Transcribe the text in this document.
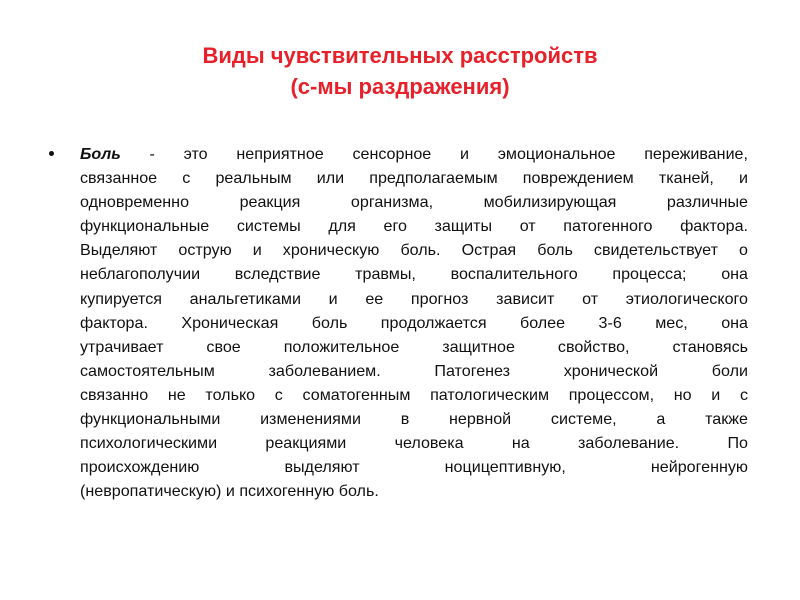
Виды чувствительных расстройств
(с-мы раздражения)
Боль - это неприятное сенсорное и эмоциональное переживание,
связанное с реальным или предполагаемым повреждением тканей, и
одновременно реакция организма, мобилизирующая различные
функциональные системы для его защиты от патогенного фактора.
Выделяют острую и хроническую боль. Острая боль свидетельствует о
неблагополучии вследствие травмы, воспалительного процесса; она
купируется анальгетиками и ее прогноз зависит от этиологического
фактора. Хроническая боль продолжается более 3-6 мес, она
утрачивает свое положительное защитное свойство, становясь
самостоятельным заболеванием. Патогенез хронической боли
связанно не только с соматогенным патологическим процессом, но и с
функциональными изменениями в нервной системе, а также
психологическими реакциями человека на заболевание. По
происхождению выделяют ноцицептивную, нейрогенную
(невропатическую) и психогенную боль.
